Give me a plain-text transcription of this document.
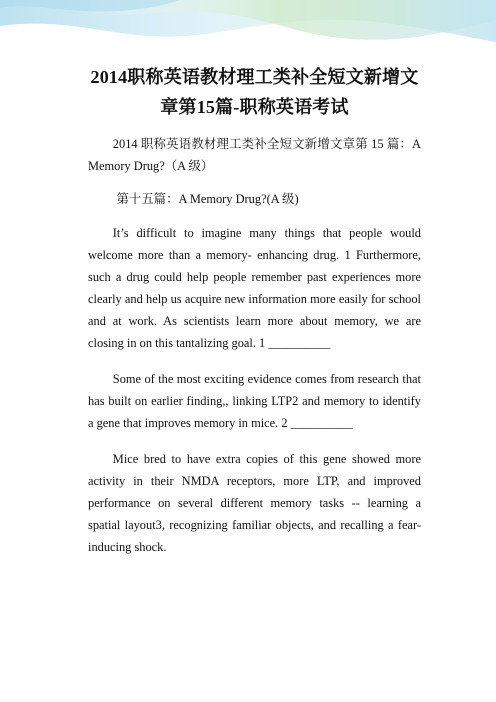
2014职称英语教材理工类补全短文新增文章第15篇-职称英语考试

2014 职称英语教材理工类补全短文新增文章第 15 篇：A Memory Drug?（A 级）

第十五篇：A Memory Drug?(A 级)

It’s difficult to imagine many things that people would welcome more than a memory- enhancing drug. 1 Furthermore, such a drug could help people remember past experiences more clearly and help us acquire new information more easily for school and at work. As scientists learn more about memory, we are closing in on this tantalizing goal. 1 __________

Some of the most exciting evidence comes from research that has built on earlier finding,, linking LTP2 and memory to identify a gene that improves memory in mice. 2 __________

Mice bred to have extra copies of this gene showed more activity in their NMDA receptors, more LTP, and improved performance on several different memory tasks -- learning a spatial layout3, recognizing familiar objects, and recalling a fear-inducing shock.
